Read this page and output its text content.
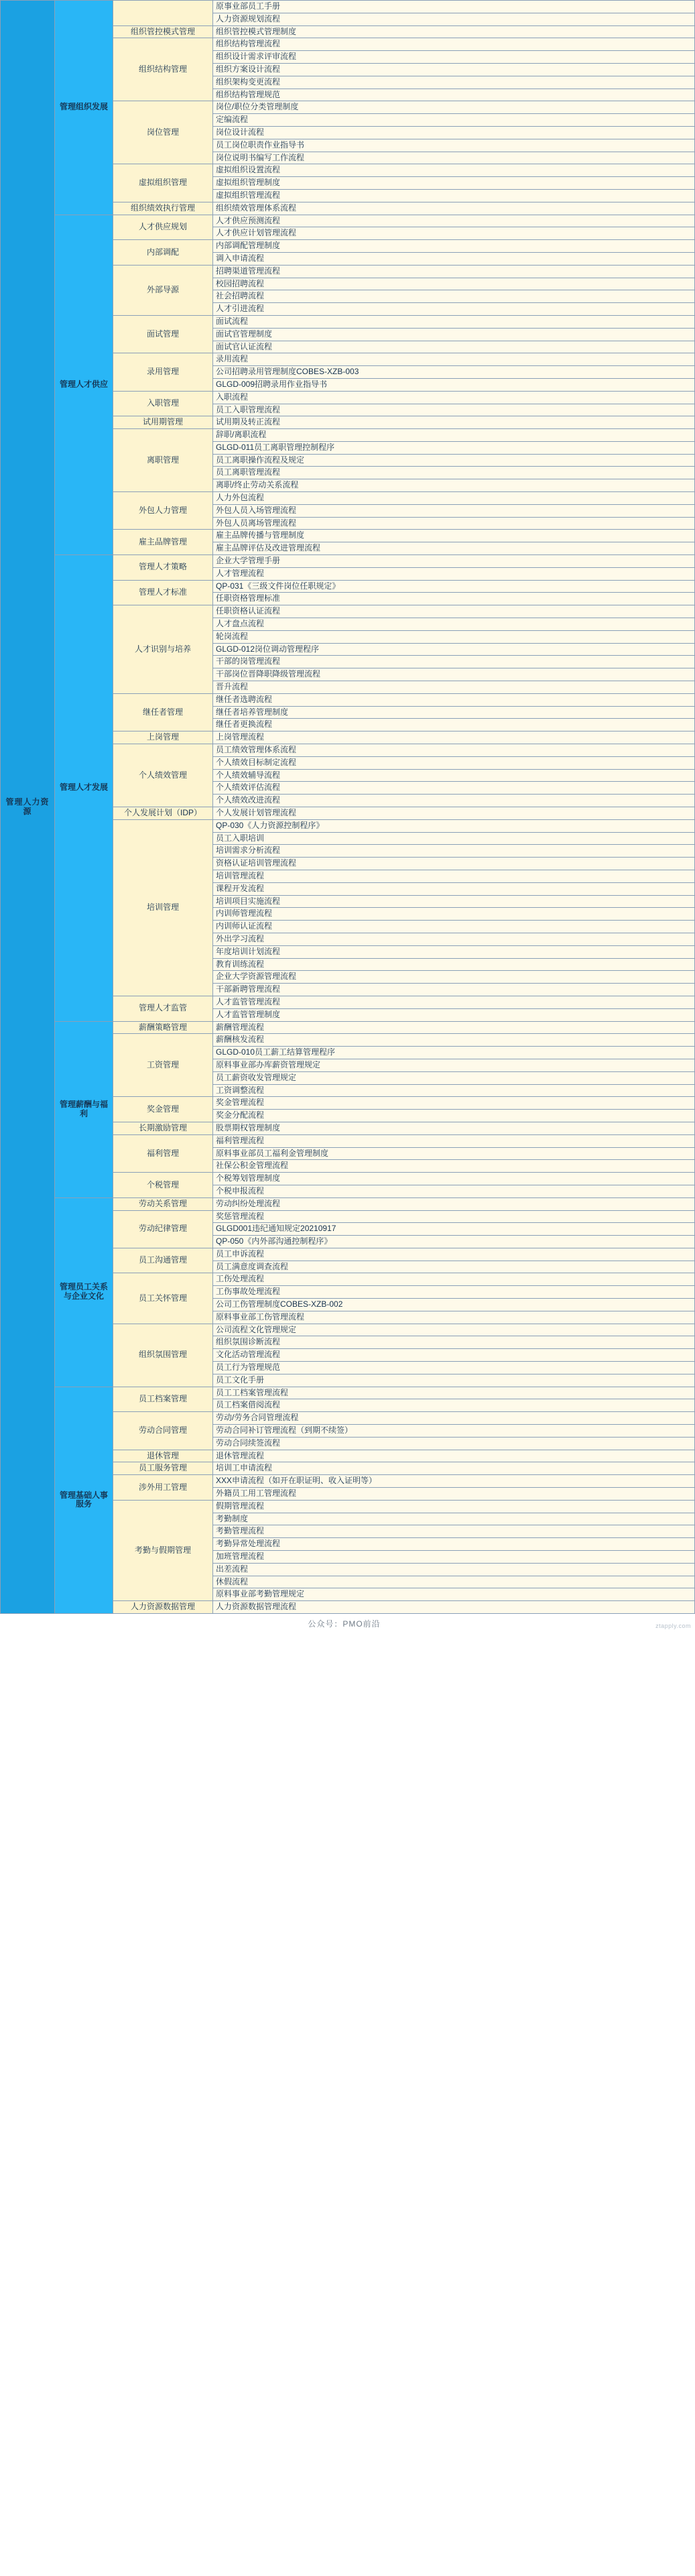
管理人力资源	管理组织发展		原事业部员工手册
			人力资源规划流程
		组织管控模式管理	组织管控模式管理制度
		组织结构管理	组织结构管理流程
			组织设计需求评审流程
			组织方案设计流程
			组织架构变更流程
			组织结构管理规范
		岗位管理	岗位/职位分类管理制度
			定编流程
			岗位设计流程
			员工岗位职责作业指导书
			岗位说明书编写工作流程
		虚拟组织管理	虚拟组织设置流程
			虚拟组织管理制度
			虚拟组织管理流程
		组织绩效执行管理	组织绩效管理体系流程
	管理人才供应	人才供应规划	人才供应预测流程
			人才供应计划管理流程
		内部调配	内部调配管理制度
			调入申请流程
		外部导源	招聘渠道管理流程
			校园招聘流程
			社会招聘流程
			人才引进流程
		面试管理	面试流程
			面试官管理制度
			面试官认证流程
		录用管理	录用流程
			公司招聘录用管理制度COBES-XZB-003
			GLGD-009招聘录用作业指导书
		入职管理	入职流程
			员工入职管理流程
		试用期管理	试用期及转正流程
		离职管理	辞职/离职流程
			GLGD-011员工离职管理控制程序
			员工离职操作流程及规定
			员工离职管理流程
			离职/终止劳动关系流程
		外包人力管理	人力外包流程
			外包人员入场管理流程
			外包人员离场管理流程
		雇主品牌管理	雇主品牌传播与管理制度
			雇主品牌评估及改进管理流程
	管理人才发展	管理人才策略	企业大学管理手册
			人才管理流程
		管理人才标准	QP-031《三级文件岗位任职规定》
			任职资格管理标准
		人才识别与培养	任职资格认证流程
			人才盘点流程
			轮岗流程
			GLGD-012岗位调动管理程序
			干部的岗管理流程
			干部岗位晋降职降级管理流程
			晋升流程
		继任者管理	继任者选聘流程
			继任者培养管理制度
			继任者更换流程
		上岗管理	上岗管理流程
		个人绩效管理	员工绩效管理体系流程
			个人绩效目标制定流程
			个人绩效辅导流程
			个人绩效评估流程
			个人绩效改进流程
		个人发展计划（IDP）	个人发展计划管理流程
		培训管理	QP-030《人力资源控制程序》
			员工入职培训
			培训需求分析流程
			资格认证培训管理流程
			培训管理流程
			课程开发流程
			培训项目实施流程
			内训师管理流程
			内训师认证流程
			外出学习流程
			年度培训计划流程
			教育训练流程
			企业大学资源管理流程
			干部新聘管理流程
		管理人才监管	人才监管管理流程
			人才监管管理制度
	管理薪酬与福利	薪酬策略管理	薪酬管理流程
		工资管理	薪酬核发流程
			GLGD-010员工薪工结算管理程序
			原料事业部办库薪资管理规定
			员工薪资收发管理规定
			工资调整流程
		奖金管理	奖金管理流程
			奖金分配流程
		长期激励管理	股票期权管理制度
		福利管理	福利管理流程
			原料事业部员工福利金管理制度
			社保公积金管理流程
		个税管理	个税筹划管理制度
			个税申报流程
	管理员工关系与企业文化	劳动关系管理	劳动纠纷处理流程
		劳动纪律管理	奖惩管理流程
			GLGD001违纪通知规定20210917
			QP-050《内外部沟通控制程序》
		员工沟通管理	员工申诉流程
			员工满意度调查流程
		员工关怀管理	工伤处理流程
			工伤事故处理流程
			公司工伤管理制度COBES-XZB-002
			原料事业部工伤管理流程
		组织氛围管理	公司流程文化管理规定
			组织氛围诊断流程
			文化活动管理流程
			员工行为管理规范
			员工文化手册
	管理基础人事服务	员工档案管理	员工工档案管理流程
			员工档案借阅流程
		劳动合同管理	劳动/劳务合同管理流程
			劳动合同补订管理流程（到期不续签）
			劳动合同续签流程
		退休管理	退休管理流程
		员工服务管理	培训工申请流程
		涉外用工管理	XXX申请流程（如开在职证明、收入证明等）
			外籍员工用工管理流程
		考勤与假期管理	假期管理流程
			考勤制度
			考勤管理流程
			考勤异常处理流程
			加班管理流程
			出差流程
			休假流程
			原料事业部考勤管理规定
		人力资源数据管理	人力资源数据管理流程
公众号：PMO前沿	ztapply.com
